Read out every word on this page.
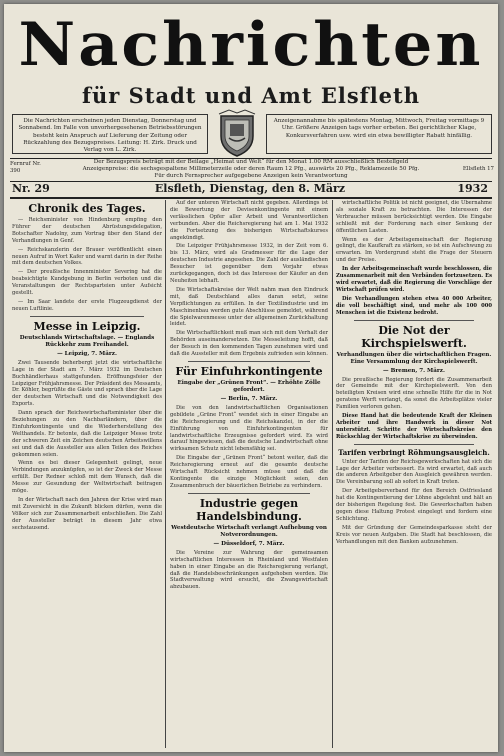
Nachrichten
für Stadt und Amt Elsfleth
Die Nachrichten erscheinen jeden Dienstag, Donnerstag und Sonnabend. Im Falle von unvorhergesehenen Betriebsstörungen besteht kein Anspruch auf Lieferung der Zeitung oder Rückzahlung des Bezugspreises. Leitung: H. Zirk. Druck und Verlag von L. Zirk.
Anzeigenannahme bis spätestens Montag, Mittwoch, Freitag vormittags 9 Uhr. Größere Anzeigen tags vorher erbeten. Bei gerichtlicher Klage, Konkursverfahren usw. wird ein etwa bewilligter Rabatt hinfällig.
Fernruf Nr. 390
Der Bezugspreis beträgt mit der Beilage „Heimat und Welt“ für den Monat 1.00 RM ausschließlich Bestellgeld
Anzeigenpreise: die sechsgespaltene Millimeterzeile oder deren Raum 12 Pfg., auswärts 20 Pfg., Reklamezeile 50 Pfg.
Für durch Fernsprecher aufgegebene Anzeigen kein Verantwortung
Ellsfleth 17
Nr. 29	Elsfleth, Dienstag, den 8. März	1932
Chronik des Tages.

— Reichsminister von Hindenburg empfing den Führer der deutschen Abrüstungsdelegation, Botschafter Nadolny, zum Vortrag über den Stand der Verhandlungen in Genf.

— Reichskanzlerin der Brauer veröffentlicht einen neuen Aufruf in Wort Kafer und warnt darin in der Reihe mit dem deutschen Volkes.

— Der preußische Innenminister Severing hat die beabsichtigte Kundgebung in Berlin verboten und die Veranstaltungen der Rechtsparteien unter Aufsicht gestellt.

— Im Saar landete der erste Flugzeugdienst der neuen Luftlinie.

Messe in Leipzig.
Deutschlands Wirtschaftslage. — Englands Rückkehr zum Freihandel.
— Leipzig, 7. März.

Zwei Tausende beherbergt jetzt die wirtschaftliche Lage in der Stadt am 7. März 1932 im Deutschen Buchhändlerhaus stattgefunden. Eröffnungsfeier der Leipziger Frühjahrsmesse. Der Präsident des Messamts, Dr. Köhler, begrüßte die Gäste und sprach über die Lage der deutschen Wirtschaft und die Notwendigkeit des Exports.

Dann sprach der Reichswirtschaftsminister über die Beziehungen zu den Nachbarländern, über die Einfuhrkontingente und die Wiederherstellung des Welthandels. Er betonte, daß die Leipziger Messe trotz der schweren Zeit ein Zeichen deutschen Arbeitswillens sei und daß die Aussteller aus allen Teilen des Reiches gekommen seien.

Wenn es bei dieser Gelegenheit gelingt, neue Verbindungen anzuknüpfen, so ist der Zweck der Messe erfüllt. Der Redner schloß mit dem Wunsch, daß die Messe zur Gesundung der Weltwirtschaft beitragen möge.

In der Wirtschaft nach den Jahren der Krise wird man mit Zuversicht in die Zukunft blicken dürfen, wenn die Völker sich zur Zusammenarbeit entschließen. Die Zahl der Aussteller beträgt in diesem Jahr etwa sechstausend.

Auf der unteren Wirtschaft nicht gegeben. Allerdings ist die Bewertung der Devisenkontingente mit einem verlässlichen Opfer aller Arbeit und Verantwortlichen verbunden. Aber die Reichsregierung hat am 1. Mai 1932 die Fortsetzung des bisherigen Wirtschaftskurses angekündigt.

Die Leipziger Frühjahrsmesse 1932, in der Zeit vom 6. bis 13. März, wird als Gradmesser für die Lage der deutschen Industrie angesehen. Die Zahl der ausländischen Besucher ist gegenüber dem Vorjahr etwas zurückgegangen, doch ist das Interesse der Käufer an den Neuheiten lebhaft.

Die Wirtschaftskreise der Welt nahm man den Eindruck mit, daß Deutschland alles daran setzt, seine Verpflichtungen zu erfüllen. In der Textilindustrie und im Maschinenbau werden gute Abschlüsse gemeldet, während die Spielwarenmesse unter der allgemeinen Zurückhaltung leidet.

Die Wirtschaftlichkeit muß man sich mit dem Verhalt der Behörden auseinandersetzen. Die Messeleitung hofft, daß der Besuch in den kommenden Tagen zunehmen wird und daß die Aussteller mit dem Ergebnis zufrieden sein können.

Für Einfuhrkontingente
Eingabe der „Grünen Front“. — Erhöhte Zölle gefordert.
— Berlin, 7. März.

Die von den landwirtschaftlichen Organisationen gebildete „Grüne Front“ wendet sich in einer Eingabe an die Reichsregierung und die Reichskanzlei, in der die Einführung von Einfuhrkontingenten für landwirtschaftliche Erzeugnisse gefordert wird. Es wird darauf hingewiesen, daß die deutsche Landwirtschaft ohne wirksamen Schutz nicht lebensfähig sei.

Die Eingabe der „Grünen Front“ betont weiter, daß die Reichsregierung erneut auf die gesamte deutsche Wirtschaft Rücksicht nehmen müsse und daß die Kontingente die einzige Möglichkeit seien, den Zusammenbruch der bäuerlichen Betriebe zu verhindern.

Industrie gegen Handelsbindung.
Westdeutsche Wirtschaft verlangt Aufhebung von Notverordnungen.
— Düsseldorf, 7. März.

Die Vereine zur Wahrung der gemeinsamen wirtschaftlichen Interessen in Rheinland und Westfalen haben in einer Eingabe an die Reichsregierung verlangt, daß die Handelsbeschränkungen aufgehoben werden. Die Stadtverwaltung wird ersucht, die Zwangswirtschaft abzubauen.

wirtschaftliche Politik ist nicht geeignet, die Übernahme als soziale Kraft zu betrachten. Die Interessen der Verbraucher müssen berücksichtigt werden. Die Eingabe schließt mit der Forderung nach einer Senkung der öffentlichen Lasten.

Wenn es der Arbeitsgemeinschaft der Regierung gelingt, die Kaufkraft zu stärken, so ist ein Aufschwung zu erwarten. Im Vordergrund steht die Frage der Steuern und der Preise.

In der Arbeitsgemeinschaft wurde beschlossen, die Zusammenarbeit mit den Verbänden fortzusetzen. Es wird erwartet, daß die Regierung die Vorschläge der Wirtschaft prüfen wird.

Die Verhandlungen stehen etwa 40 000 Arbeiter, die voll beschäftigt sind, und mehr als 100 000 Menschen ist die Existenz bedroht.

Die Not der Kirchspielswerft.
Verhandlungen über die wirtschaftlichen Fragen. Eine Versammlung der Kirchspielswerft.
— Bremen, 7. März.

Die preußische Regierung fordert die Zusammenarbeit der Gemeinde mit der Kirchspielswerft. Von den beteiligten Kreisen wird eine schnelle Hilfe für die in Not geratene Werft verlangt, da sonst die Arbeitsplätze vieler Familien verloren gehen.

Diese Hand hat die bedeutende Kraft der Kleinen Arbeiter und ihre Handwerk in dieser Not unterstützt. Schritte der Wirtschaftskreise den Rückschlag der Wirtschaftskrise zu überwinden.

Tarifen verbringt Röhmungsausgleich.

Unter der Tarifen der Reichsgewerkschaften hat sich die Lage der Arbeiter verbessert. Es wird erwartet, daß auch die anderen Arbeitgeber den Ausgleich gewähren werden. Die Vereinbarung soll ab sofort in Kraft treten.

Der Arbeitgeberverband für den Bereich Ostfriesland hat die Kontingentierung der Löhne abgelehnt und hält an der bisherigen Regelung fest. Die Gewerkschaften haben gegen diese Haltung Protest eingelegt und fordern eine Schlichtung.

Mit der Gründung der Gemeindesparkasse steht der Kreis vor neuen Aufgaben. Die Stadt hat beschlossen, die Verhandlungen mit den Banken aufzunehmen.
